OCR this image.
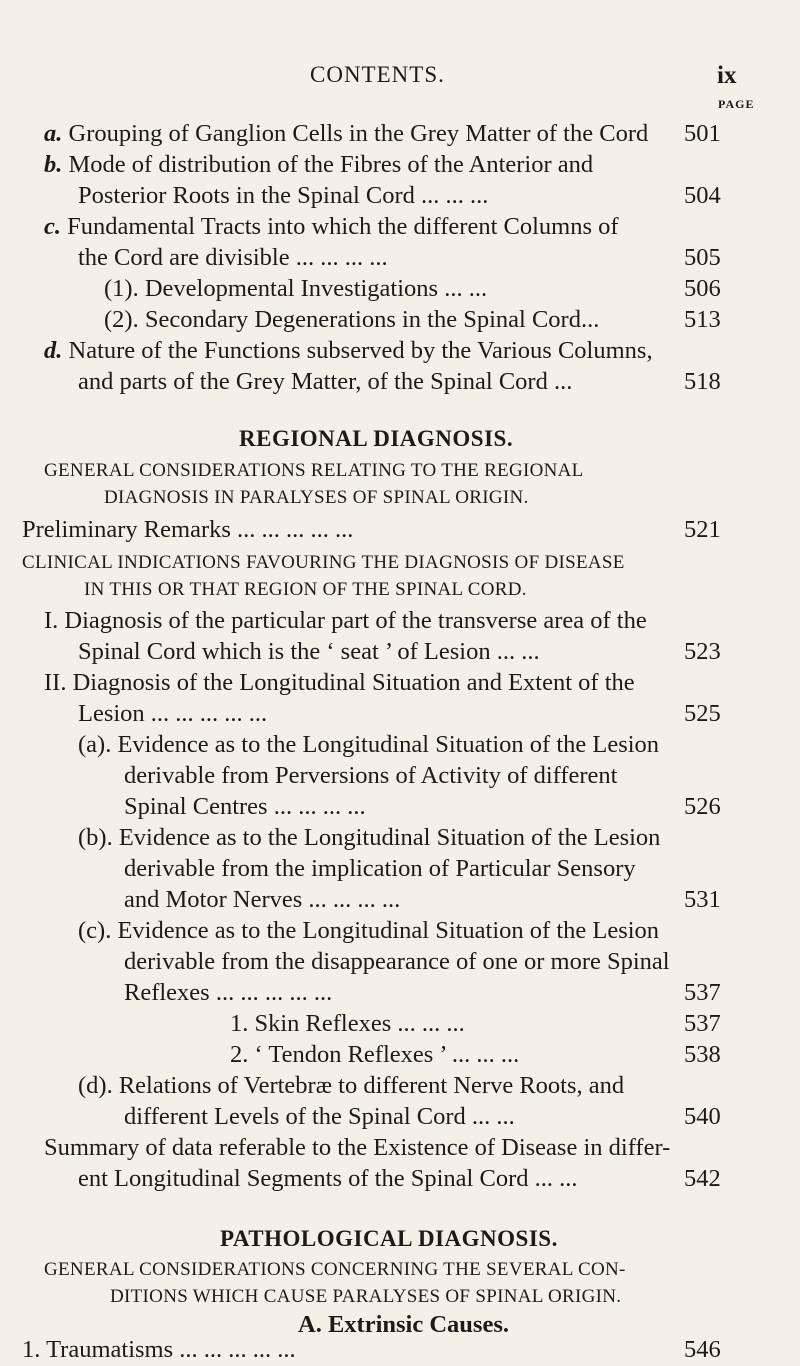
CONTENTS.	ix
PAGE
a. Grouping of Ganglion Cells in the Grey Matter of the Cord 501
b. Mode of distribution of the Fibres of the Anterior and
Posterior Roots in the Spinal Cord ... ... ...	504
c. Fundamental Tracts into which the different Columns of
the Cord are divisible ... ... ... ...	505
(1). Developmental Investigations ... ...	506
(2). Secondary Degenerations in the Spinal Cord...	513
d. Nature of the Functions subserved by the Various Columns,
and parts of the Grey Matter, of the Spinal Cord ...	518
REGIONAL DIAGNOSIS.
GENERAL CONSIDERATIONS RELATING TO THE REGIONAL
DIAGNOSIS IN PARALYSES OF SPINAL ORIGIN.
Preliminary Remarks ... ... ... ... ...	521
CLINICAL INDICATIONS FAVOURING THE DIAGNOSIS OF DISEASE
IN THIS OR THAT REGION OF THE SPINAL CORD.
I. Diagnosis of the particular part of the transverse area of the
Spinal Cord which is the ‘ seat ’ of Lesion ... ...	523
II. Diagnosis of the Longitudinal Situation and Extent of the
Lesion ... ... ... ... ...	525
(a). Evidence as to the Longitudinal Situation of the Lesion
derivable from Perversions of Activity of different
Spinal Centres ... ... ... ...	526
(b). Evidence as to the Longitudinal Situation of the Lesion
derivable from the implication of Particular Sensory
and Motor Nerves ... ... ... ...	531
(c). Evidence as to the Longitudinal Situation of the Lesion
derivable from the disappearance of one or more Spinal
Reflexes ... ... ... ... ...	537
1. Skin Reflexes ... ... ...	537
2. ‘ Tendon Reflexes ’ ... ... ...	538
(d). Relations of Vertebræ to different Nerve Roots, and
different Levels of the Spinal Cord ... ...	540
Summary of data referable to the Existence of Disease in differ-
ent Longitudinal Segments of the Spinal Cord ... ...	542
PATHOLOGICAL DIAGNOSIS.
GENERAL CONSIDERATIONS CONCERNING THE SEVERAL CON-
DITIONS WHICH CAUSE PARALYSES OF SPINAL ORIGIN.
A. Extrinsic Causes.
1. Traumatisms ... ... ... ... ...	546
